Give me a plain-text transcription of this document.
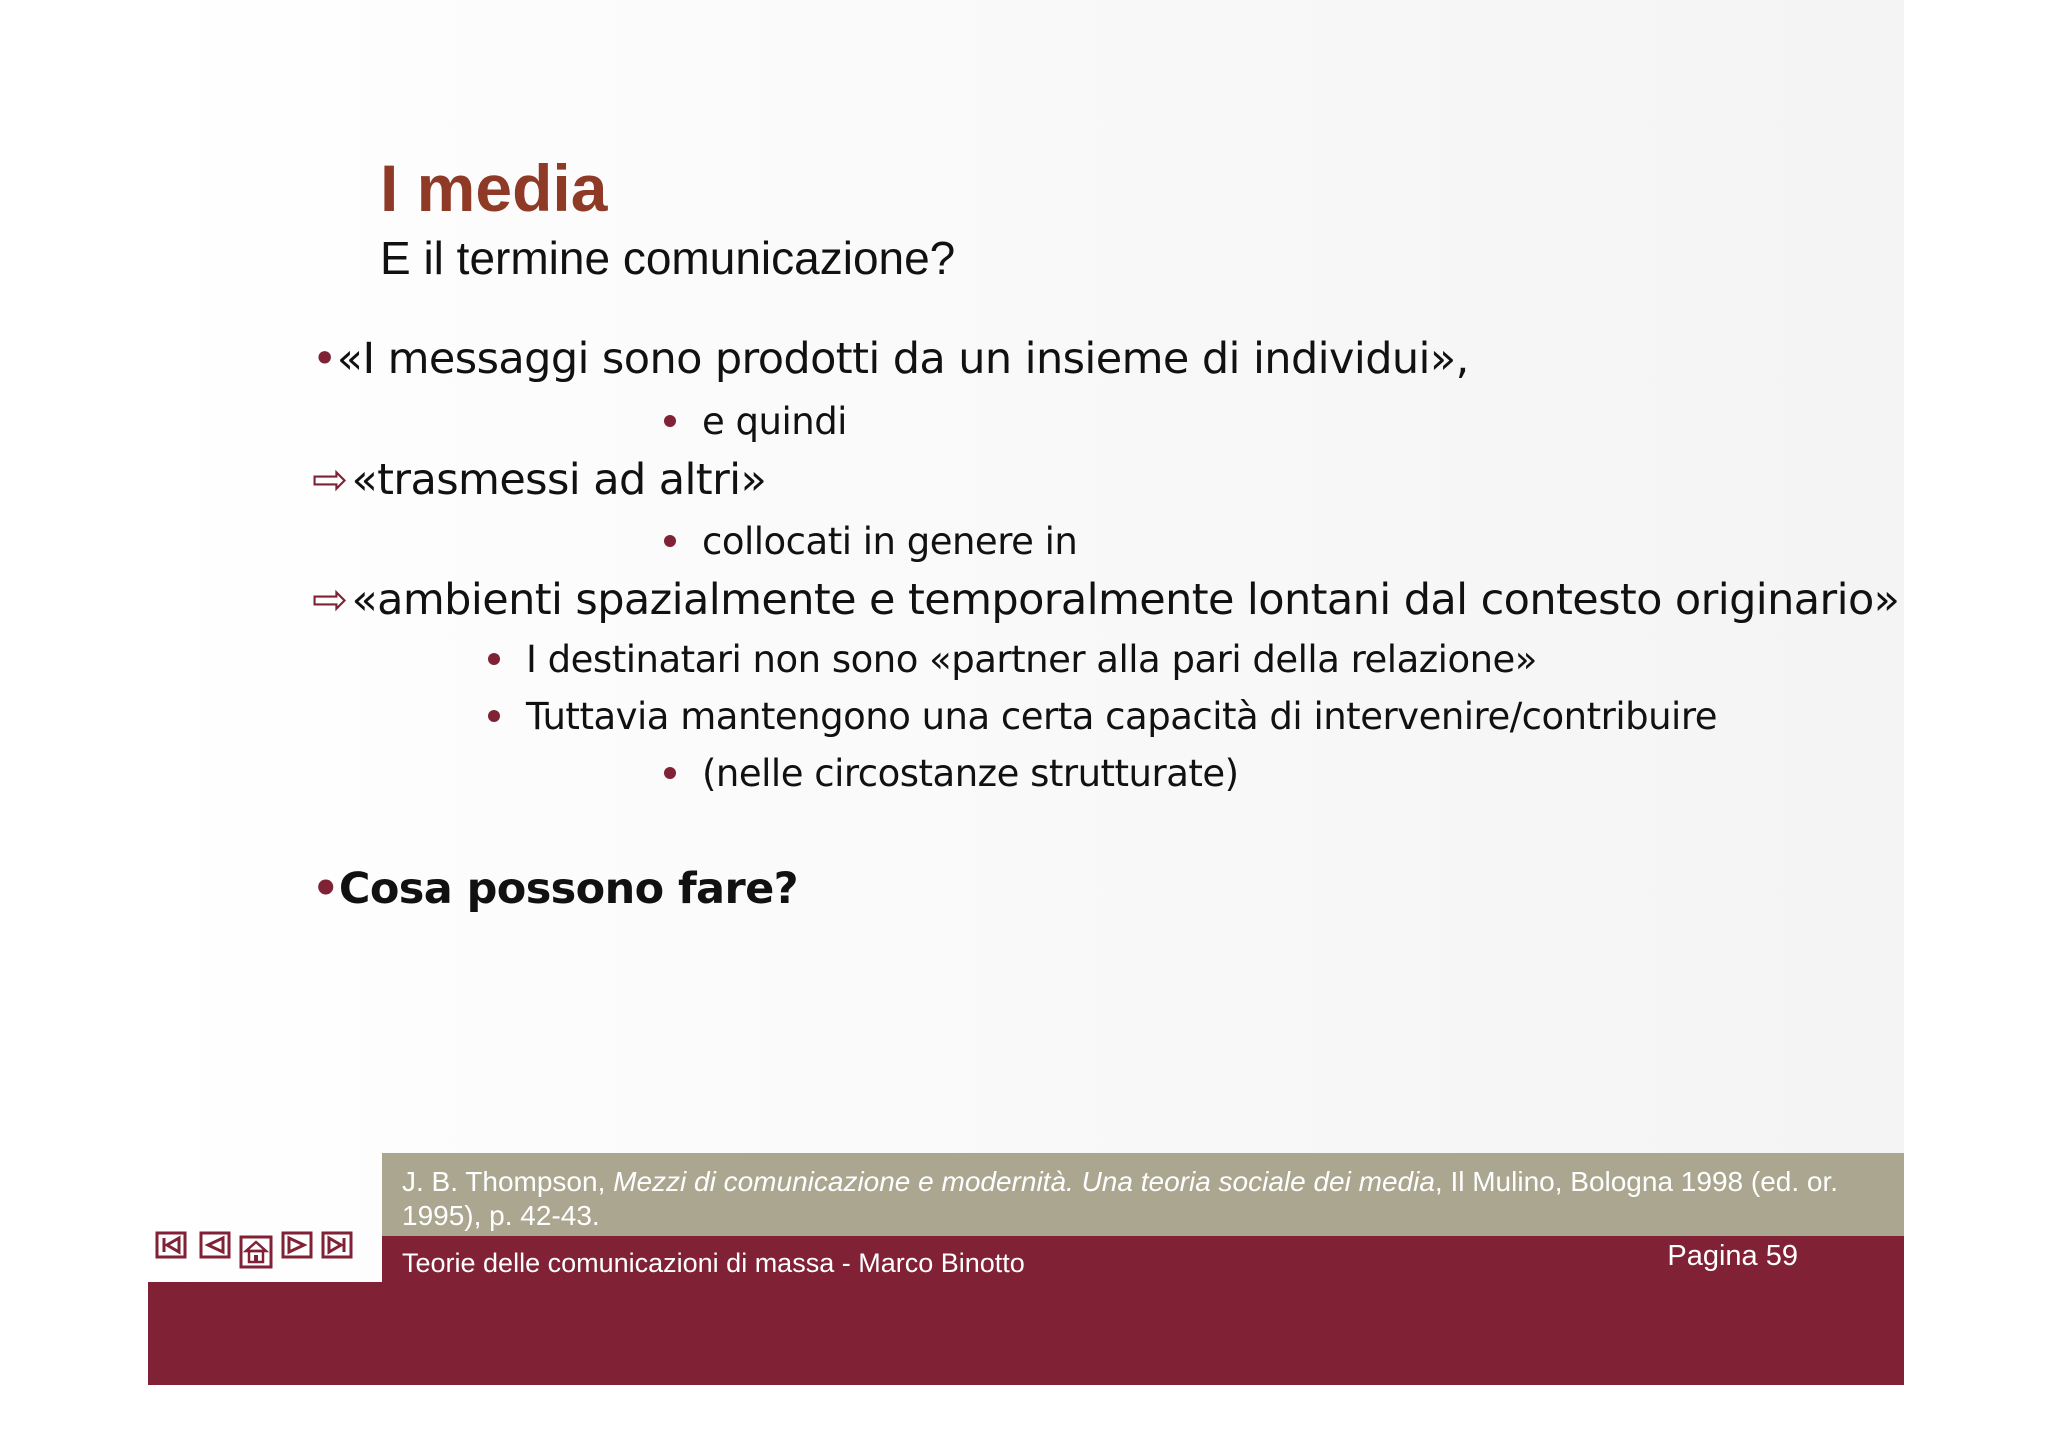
I media
E il termine comunicazione?
•«I messaggi sono prodotti da un insieme di individui»,
e quindi
⇨«trasmessi ad altri»
collocati in genere in
⇨«ambienti spazialmente e temporalmente lontani dal contesto originario»
I destinatari non sono «partner alla pari della relazione»
Tuttavia mantengono una certa capacità di intervenire/contribuire
(nelle circostanze strutturate)
•Cosa possono fare?
J. B. Thompson, Mezzi di comunicazione e modernità. Una teoria sociale dei media, Il Mulino, Bologna 1998 (ed. or. 1995), p. 42-43.
Teorie delle comunicazioni di massa - Marco Binotto	Pagina 59
